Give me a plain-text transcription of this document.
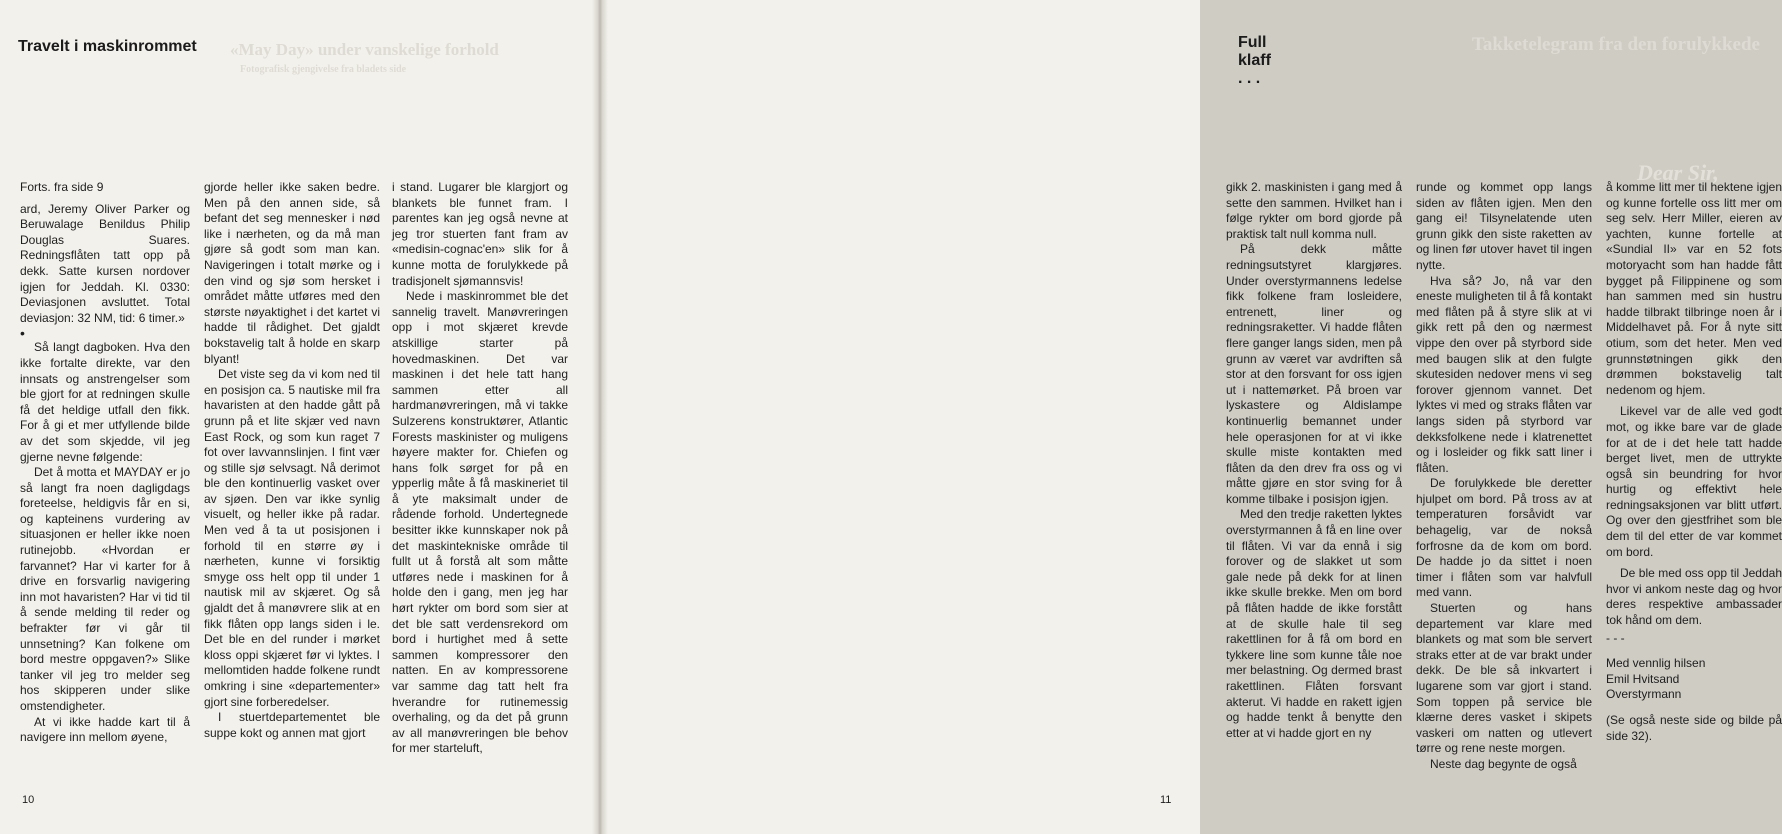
«May Day» under vanskelige forhold
Fotografisk gjengivelse fra bladets side
Travelt i maskinrommet

Forts. fra side 9

ard, Jeremy Oliver Parker og Beruwalage Benildus Philip Douglas Suares. Redningsflåten tatt opp på dekk. Satte kursen nordover igjen for Jeddah. Kl. 0330: Deviasjonen avsluttet. Total deviasjon: 32 NM, tid: 6 timer.»

•

Så langt dagboken. Hva den ikke fortalte direkte, var den innsats og anstrengelser som ble gjort for at redningen skulle få det heldige utfall den fikk. For å gi et mer utfyllende bilde av det som skjedde, vil jeg gjerne nevne følgende:

Det å motta et MAYDAY er jo så langt fra noen dagligdags foreteelse, heldigvis får en si, og kapteinens vurdering av situasjonen er heller ikke noen rutinejobb. «Hvordan er farvannet? Har vi karter for å drive en forsvarlig navigering inn mot havaristen? Har vi tid til å sende melding til reder og befrakter før vi går til unnsetning? Kan folkene om bord mestre oppgaven?» Slike tanker vil jeg tro melder seg hos skipperen under slike omstendigheter.

At vi ikke hadde kart til å navigere inn mellom øyene,

gjorde heller ikke saken bedre. Men på den annen side, så befant det seg mennesker i nød like i nærheten, og da må man gjøre så godt som man kan. Navigeringen i totalt mørke og i den vind og sjø som hersket i området måtte utføres med den største nøyaktighet i det kartet vi hadde til rådighet. Det gjaldt bokstavelig talt å holde en skarp blyant!

Det viste seg da vi kom ned til en posisjon ca. 5 nautiske mil fra havaristen at den hadde gått på grunn på et lite skjær ved navn East Rock, og som kun raget 7 fot over lavvannslinjen. I fint vær og stille sjø selvsagt. Nå derimot ble den kontinuerlig vasket over av sjøen. Den var ikke synlig visuelt, og heller ikke på radar. Men ved å ta ut posisjonen i forhold til en større øy i nærheten, kunne vi forsiktig smyge oss helt opp til under 1 nautisk mil av skjæret. Og så gjaldt det å manøvrere slik at en fikk flåten opp langs siden i le. Det ble en del runder i mørket kloss oppi skjæret før vi lyktes. I mellomtiden hadde folkene rundt omkring i sine «departementer» gjort sine forberedelser.

I stuertdepartementet ble suppe kokt og annen mat gjort

i stand. Lugarer ble klargjort og blankets ble funnet fram. I parentes kan jeg også nevne at jeg tror stuerten fant fram av «medisin-cognac'en» slik for å kunne motta de forulykkede på tradisjonelt sjømannsvis!

Nede i maskinrommet ble det sannelig travelt. Manøvreringen opp i mot skjæret krevde atskillige starter på hovedmaskinen. Det var maskinen i det hele tatt hang sammen etter all hardmanøvreringen, må vi takke Sulzerens konstruktører, Atlantic Forests maskinister og muligens høyere makter for. Chiefen og hans folk sørget for på en ypperlig måte å få maskineriet til å yte maksimalt under de rådende forhold. Undertegnede besitter ikke kunnskaper nok på det maskintekniske område til fullt ut å forstå alt som måtte utføres nede i maskinen for å holde den i gang, men jeg har hørt rykter om bord som sier at det ble satt verdensrekord om bord i hurtighet med å sette sammen kompressorer den natten. En av kompressorene var samme dag tatt helt fra hverandre for rutinemessig overhaling, og da det på grunn av all manøvreringen ble behov for mer starteluft,

10
Takketelegram fra den forulykkede
Dear Sir,
Full klaff . . .

gikk 2. maskinisten i gang med å sette den sammen. Hvilket han i følge rykter om bord gjorde på praktisk talt null komma null.

På dekk måtte redningsutstyret klargjøres. Under overstyrmannens ledelse fikk folkene fram losleidere, entrenett, liner og redningsraketter. Vi hadde flåten flere ganger langs siden, men på grunn av været var avdriften så stor at den forsvant for oss igjen ut i nattemørket. På broen var lyskastere og Aldislampe kontinuerlig bemannet under hele operasjonen for at vi ikke skulle miste kontakten med flåten da den drev fra oss og vi måtte gjøre en stor sving for å komme tilbake i posisjon igjen.

Med den tredje raketten lyktes overstyrmannen å få en line over til flåten. Vi var da ennå i sig forover og de slakket ut som gale nede på dekk for at linen ikke skulle brekke. Men om bord på flåten hadde de ikke forstått at de skulle hale til seg rakettlinen for å få om bord en tykkere line som kunne tåle noe mer belastning. Og dermed brast rakettlinen. Flåten forsvant akterut. Vi hadde en rakett igjen og hadde tenkt å benytte den etter at vi hadde gjort en ny

runde og kommet opp langs siden av flåten igjen. Men den gang ei! Tilsynelatende uten grunn gikk den siste raketten av og linen før utover havet til ingen nytte.

Hva så? Jo, nå var den eneste muligheten til å få kontakt med flåten på å styre slik at vi gikk rett på den og nærmest vippe den over på styrbord side med baugen slik at den fulgte skutesiden nedover mens vi seg forover gjennom vannet. Det lyktes vi med og straks flåten var langs siden på styrbord var dekksfolkene nede i klatrenettet og i losleider og fikk satt liner i flåten.

De forulykkede ble deretter hjulpet om bord. På tross av at temperaturen forsåvidt var behagelig, var de nokså forfrosne da de kom om bord. De hadde jo da sittet i noen timer i flåten som var halvfull med vann.

Stuerten og hans departement var klare med blankets og mat som ble servert straks etter at de var brakt under dekk. De ble så inkvartert i lugarene som var gjort i stand. Som toppen på service ble klærne deres vasket i skipets vaskeri om natten og utlevert tørre og rene neste morgen.

Neste dag begynte de også

å komme litt mer til hektene igjen og kunne fortelle oss litt mer om seg selv. Herr Miller, eieren av yachten, kunne fortelle at «Sundial II» var en 52 fots motoryacht som han hadde fått bygget på Filippinene og som han sammen med sin hustru hadde tilbrakt tilbringe noen år i Middelhavet på. For å nyte sitt otium, som det heter. Men ved grunnstøtningen gikk den drømmen bokstavelig talt nedenom og hjem.

Likevel var de alle ved godt mot, og ikke bare var de glade for at de i det hele tatt hadde berget livet, men de uttrykte også sin beundring for hvor hurtig og effektivt hele redningsaksjonen var blitt utført. Og over den gjestfrihet som ble dem til del etter de var kommet om bord.

De ble med oss opp til Jeddah hvor vi ankom neste dag og hvor deres respektive ambassader tok hånd om dem.

- - -

Med vennlig hilsen

Emil Hvitsand

Overstyrmann

(Se også neste side og bilde på side 32).

11
